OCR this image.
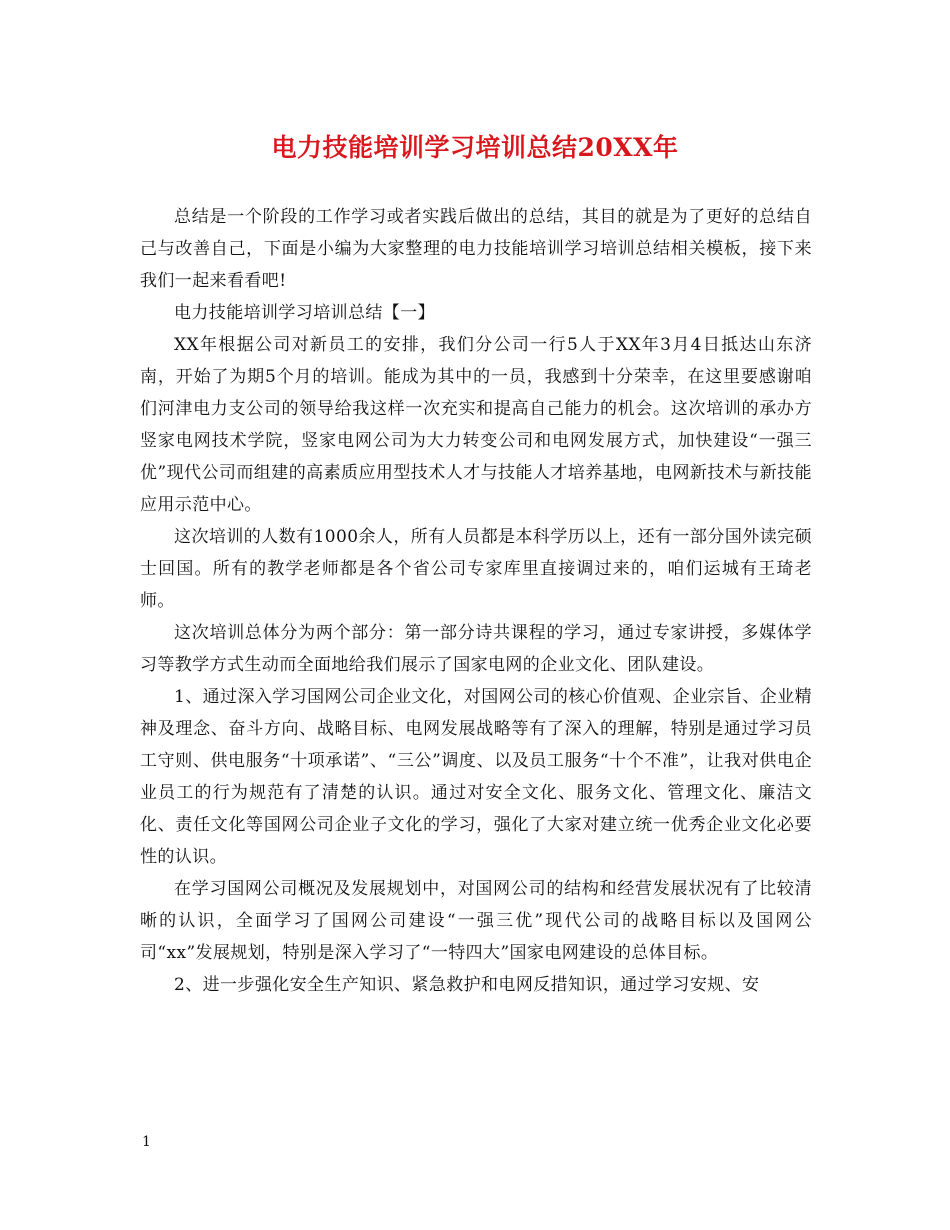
电力技能培训学习培训总结20XX年

总结是一个阶段的工作学习或者实践后做出的总结，其目的就是为了更好的总结自己与改善自己，下面是小编为大家整理的电力技能培训学习培训总结相关模板，接下来我们一起来看看吧!

电力技能培训学习培训总结【一】

XX年根据公司对新员工的安排，我们分公司一行5人于XX年3月4日抵达山东济南，开始了为期5个月的培训。能成为其中的一员，我感到十分荣幸，在这里要感谢咱们河津电力支公司的领导给我这样一次充实和提高自己能力的机会。这次培训的承办方竖家电网技术学院，竖家电网公司为大力转变公司和电网发展方式，加快建设“一强三优”现代公司而组建的高素质应用型技术人才与技能人才培养基地，电网新技术与新技能应用示范中心。

这次培训的人数有1000余人，所有人员都是本科学历以上，还有一部分国外读完硕士回国。所有的教学老师都是各个省公司专家库里直接调过来的，咱们运城有王琦老师。

这次培训总体分为两个部分：第一部分诗共课程的学习，通过专家讲授，多媒体学习等教学方式生动而全面地给我们展示了国家电网的企业文化、团队建设。

1、通过深入学习国网公司企业文化，对国网公司的核心价值观、企业宗旨、企业精神及理念、奋斗方向、战略目标、电网发展战略等有了深入的理解，特别是通过学习员工守则、供电服务“十项承诺”、“三公”调度、以及员工服务“十个不准”，让我对供电企业员工的行为规范有了清楚的认识。通过对安全文化、服务文化、管理文化、廉洁文化、责任文化等国网公司企业子文化的学习，强化了大家对建立统一优秀企业文化必要性的认识。

在学习国网公司概况及发展规划中，对国网公司的结构和经营发展状况有了比较清晰的认识，全面学习了国网公司建设“一强三优”现代公司的战略目标以及国网公司“xx”发展规划，特别是深入学习了“一特四大”国家电网建设的总体目标。

2、进一步强化安全生产知识、紧急救护和电网反措知识，通过学习安规、安

1
